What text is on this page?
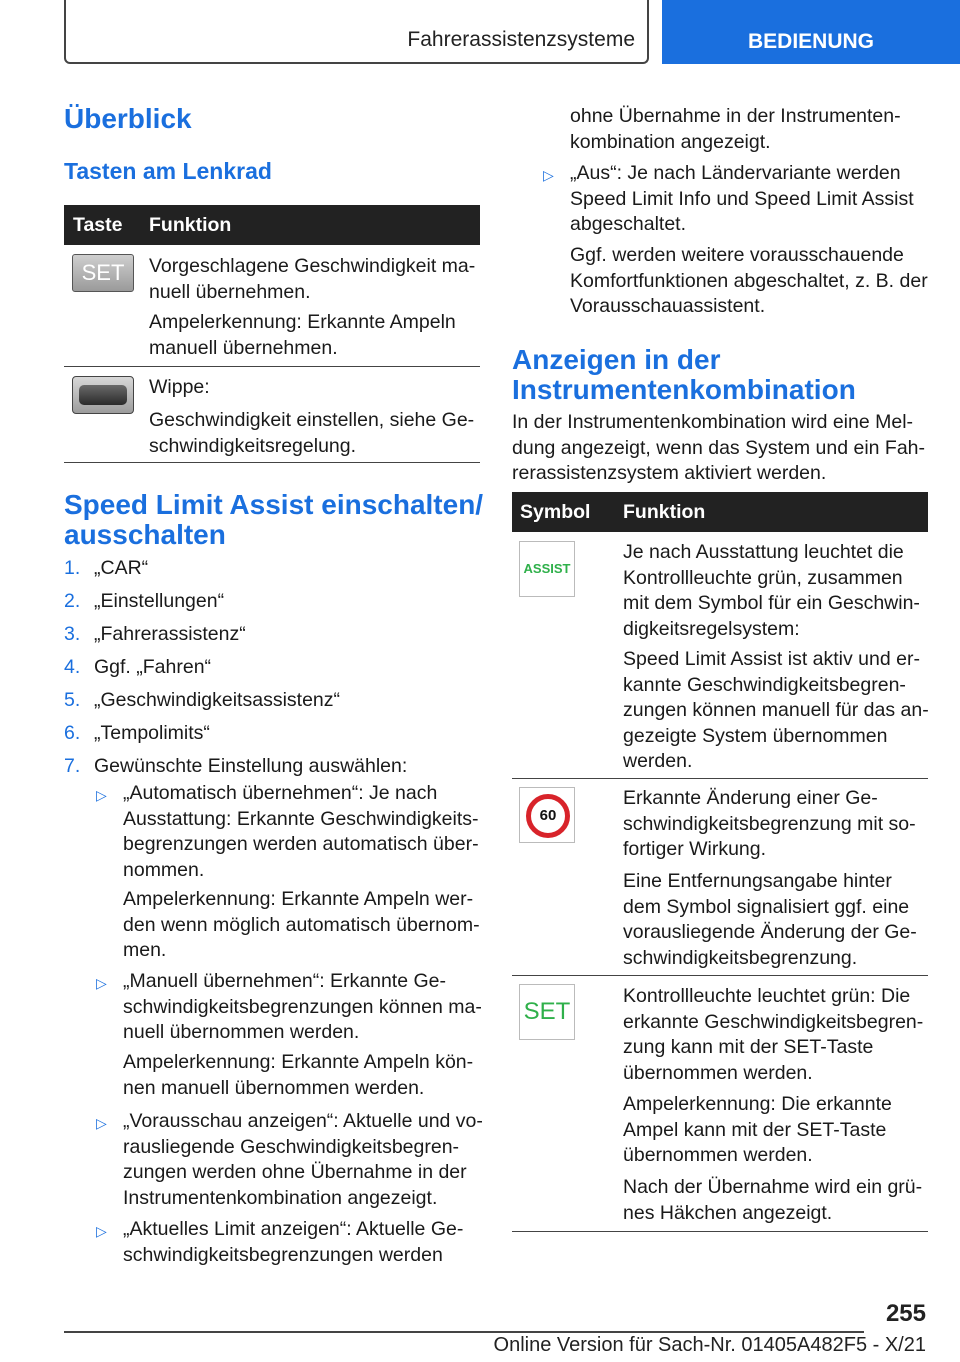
Fahrerassistenzsysteme	BEDIENUNG
Überblick
Tasten am Lenkrad
Taste Funktion
SET	Vorgeschlagene Geschwindigkeit ma-
nuell übernehmen.

Ampelerkennung: Erkannte Ampeln
manuell übernehmen.

Wippe:

Geschwindigkeit einstellen, siehe Ge-
schwindigkeitsregelung.

Speed Limit Assist einschalten/
ausschalten
1. „CAR“
2. „Einstellungen“
3. „Fahrerassistenz“
4. Ggf. „Fahren“
5. „Geschwindigkeitsassistenz“
6. „Tempolimits“
7. Gewünschte Einstellung auswählen:
▷ „Automatisch übernehmen“: Je nach
Ausstattung: Erkannte Geschwindigkeits-
begrenzungen werden automatisch über-
nommen.

Ampelerkennung: Erkannte Ampeln wer-
den wenn möglich automatisch übernom-
men.

▷ „Manuell übernehmen“: Erkannte Ge-
schwindigkeitsbegrenzungen können ma-
nuell übernommen werden.

Ampelerkennung: Erkannte Ampeln kön-
nen manuell übernommen werden.

▷ „Vorausschau anzeigen“: Aktuelle und vo-
rausliegende Geschwindigkeitsbegren-
zungen werden ohne Übernahme in der
Instrumentenkombination angezeigt.

▷ „Aktuelles Limit anzeigen“: Aktuelle Ge-
schwindigkeitsbegrenzungen werden

ohne Übernahme in der Instrumenten-
kombination angezeigt.

▷ „Aus“: Je nach Ländervariante werden
Speed Limit Info und Speed Limit Assist
abgeschaltet.

Ggf. werden weitere vorausschauende
Komfortfunktionen abgeschaltet, z. B. der
Vorausschauassistent.

Anzeigen in der
Instrumentenkombination

In der Instrumentenkombination wird eine Mel-
dung angezeigt, wenn das System und ein Fah-
rerassistenzsystem aktiviert werden.

Symbol Funktion
ASSIST

Je nach Ausstattung leuchtet die
Kontrollleuchte grün, zusammen
mit dem Symbol für ein Geschwin-
digkeitsregelsystem:

Speed Limit Assist ist aktiv und er-
kannte Geschwindigkeitsbegren-
zungen können manuell für das an-
gezeigte System übernommen
werden.

60

Erkannte Änderung einer Ge-
schwindigkeitsbegrenzung mit so-
fortiger Wirkung.

Eine Entfernungsangabe hinter
dem Symbol signalisiert ggf. eine
vorausliegende Änderung der Ge-
schwindigkeitsbegrenzung.

SET

Kontrollleuchte leuchtet grün: Die
erkannte Geschwindigkeitsbegren-
zung kann mit der SET-Taste
übernommen werden.

Ampelerkennung: Die erkannte
Ampel kann mit der SET-Taste
übernommen werden.

Nach der Übernahme wird ein grü-
nes Häkchen angezeigt.

255
Online Version für Sach-Nr. 01405A482F5 - X/21
